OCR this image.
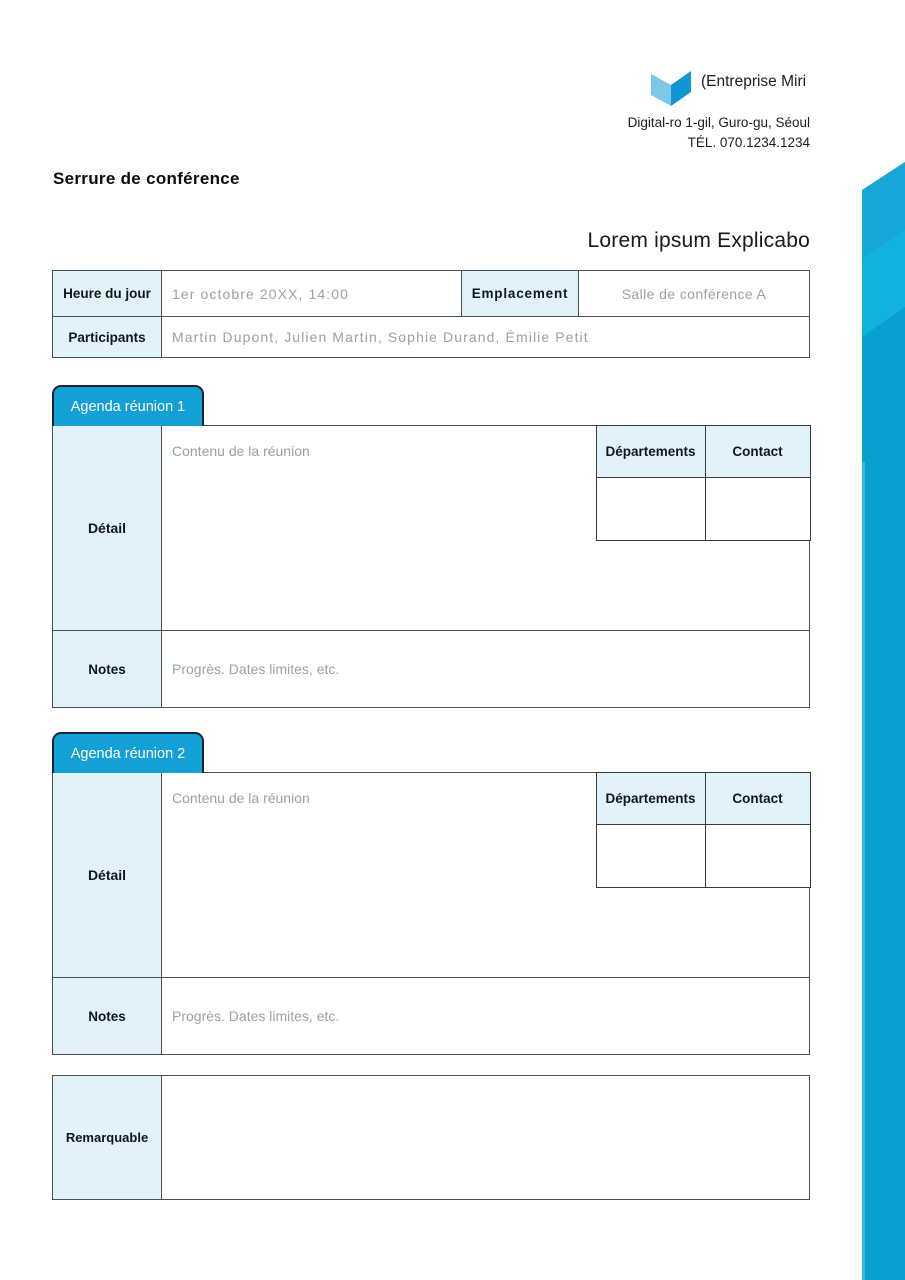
(Entreprise Miri
Digital-ro 1-gil, Guro-gu, Séoul
TÉL. 070.1234.1234
Serrure de conférence
Lorem ipsum Explicabo
Heure du jour	1er octobre 20XX, 14:00	Emplacement	Salle de conférence A
Participants	Martin Dupont, Julien Martin, Sophie Durand, Émilie Petit		
Agenda réunion 1
Détail	
Contenu de la réunion	Départements	Contact

Notes	Progrès. Dates limites, etc.
Agenda réunion 2
Détail	
Contenu de la réunion	Départements	Contact

Notes	Progrès. Dates limites, etc.
Remarquable	
